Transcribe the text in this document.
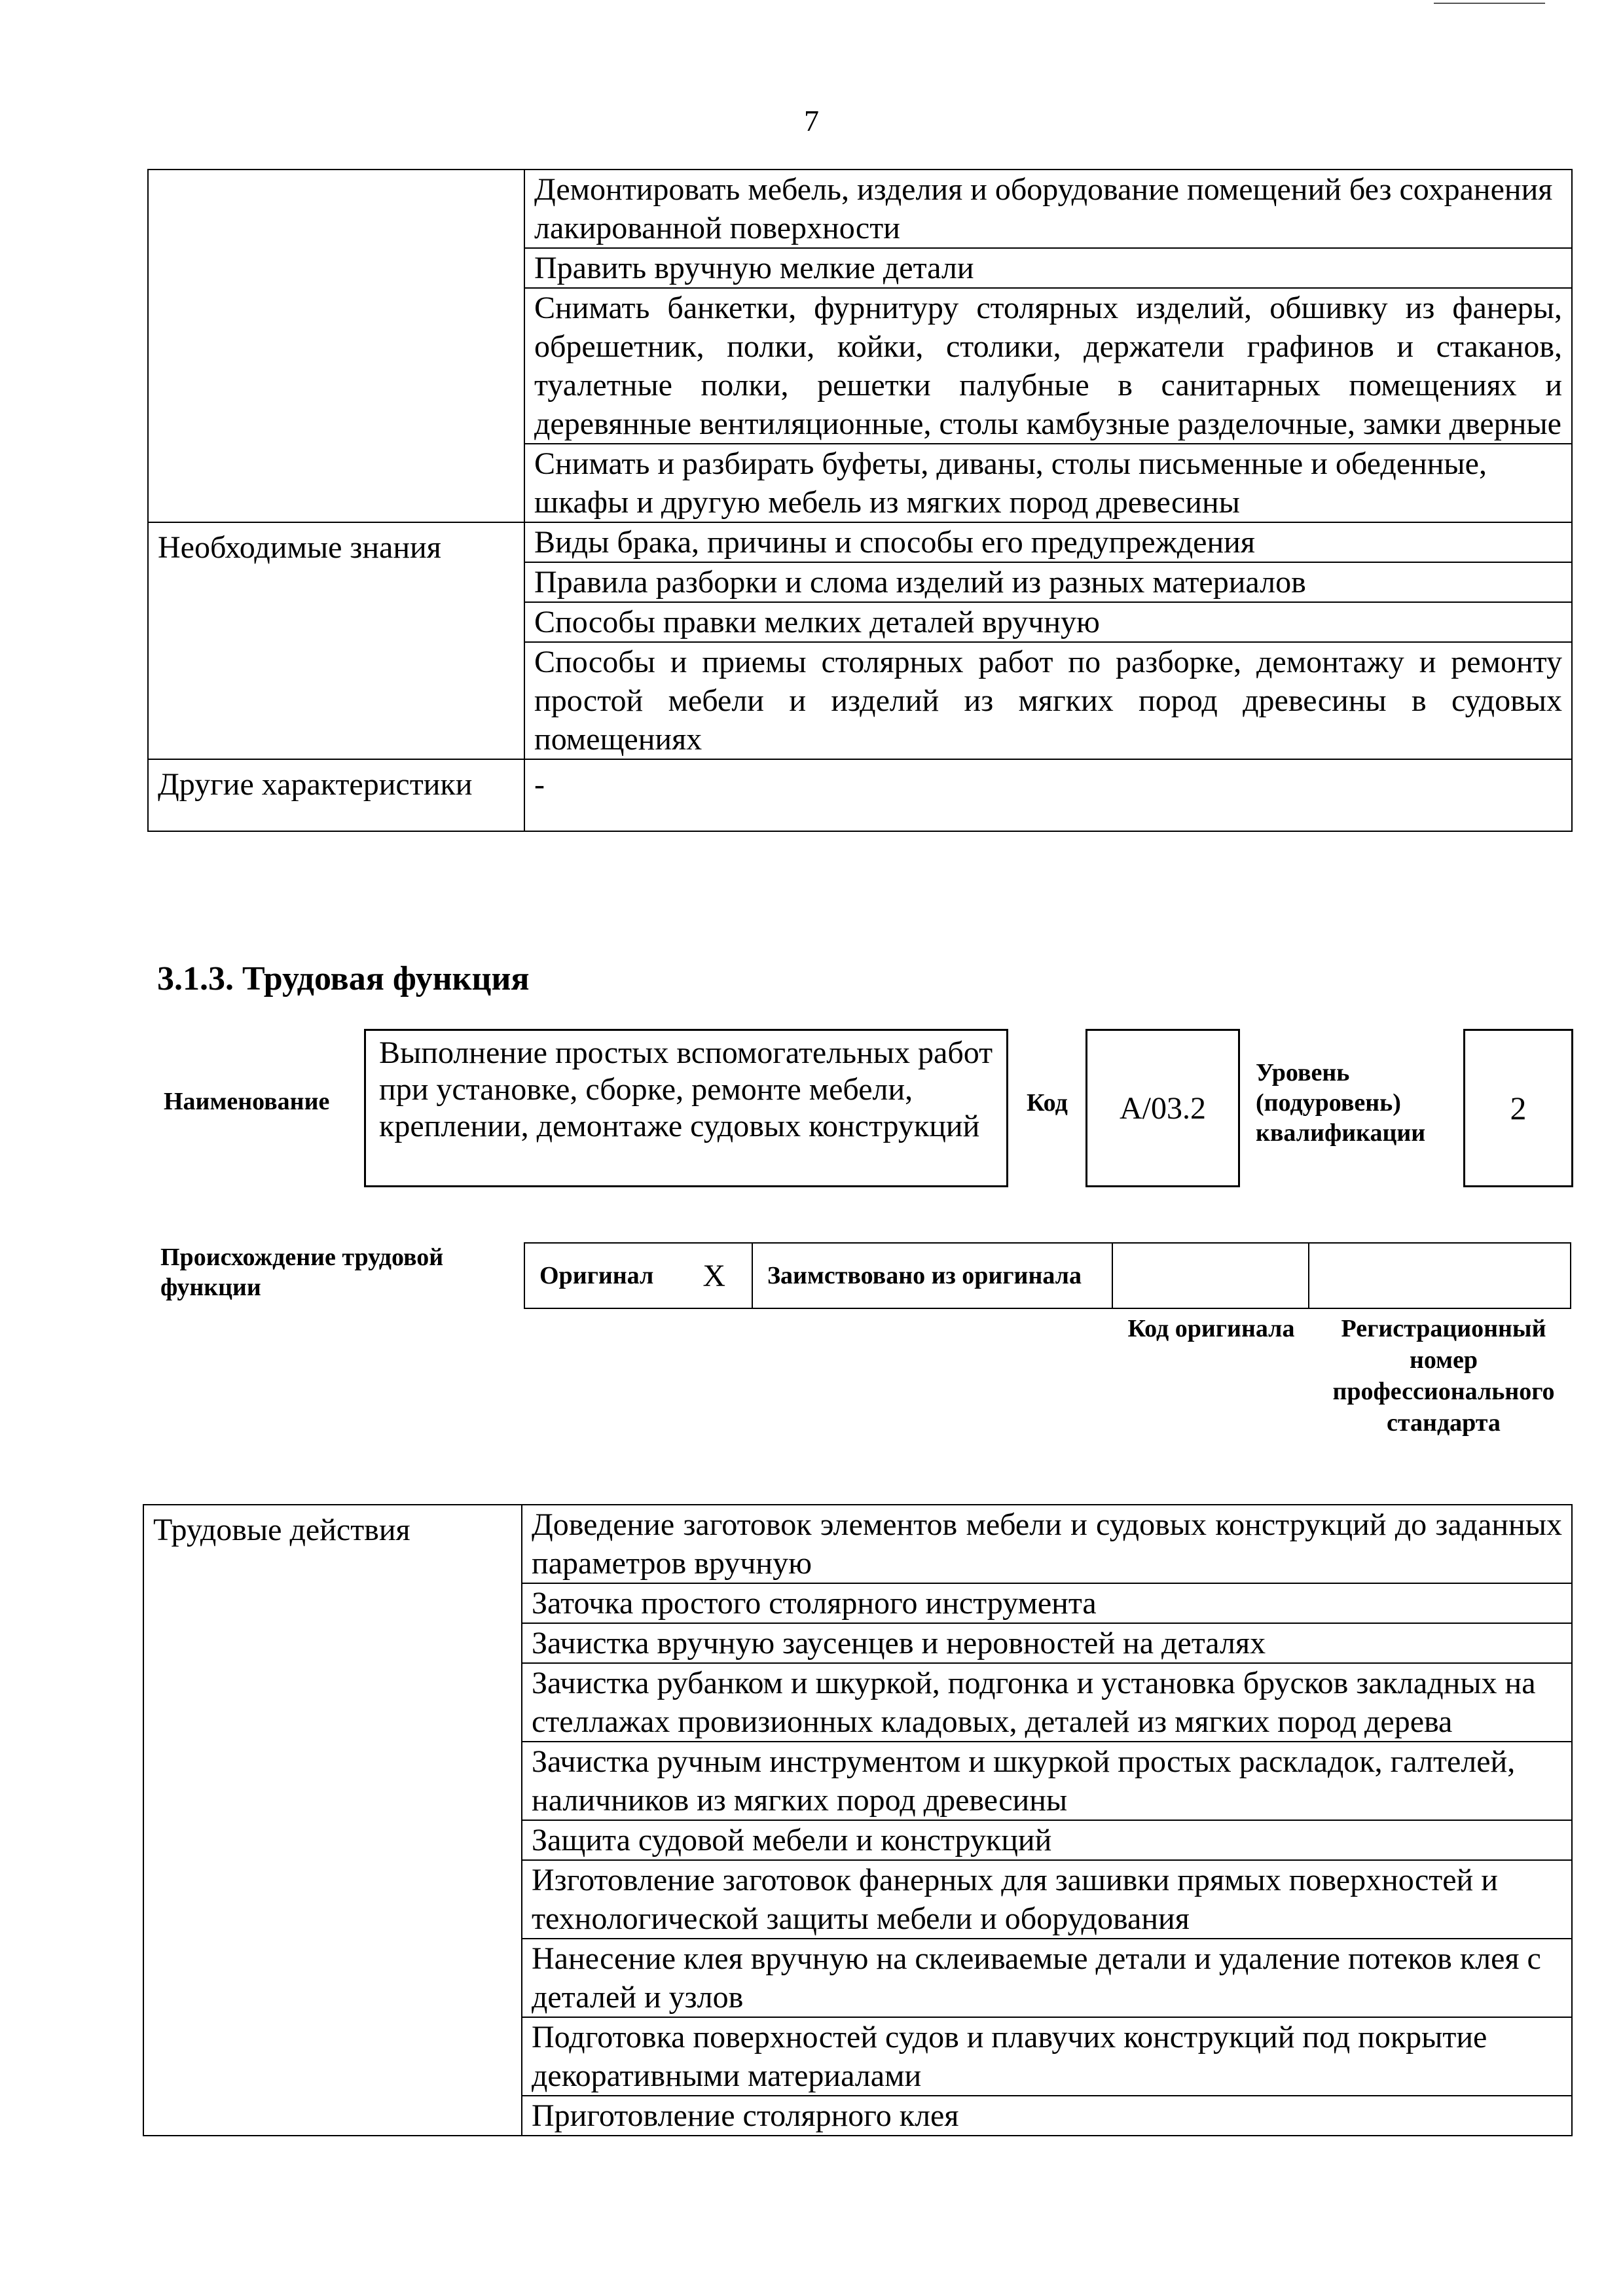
7
	Демонтировать мебель, изделия и оборудование помещений без сохранения лакированной поверхности
	Править вручную мелкие детали
	Снимать банкетки, фурнитуру столярных изделий, обшивку из фанеры, обрешетник, полки, койки, столики, держатели графинов и стаканов, туалетные полки, решетки палубные в санитарных помещениях и деревянные вентиляционные, столы камбузные разделочные, замки дверные
	Снимать и разбирать буфеты, диваны, столы письменные и обеденные, шкафы и другую мебель из мягких пород древесины
Необходимые знания	Виды брака, причины и способы его предупреждения
	Правила разборки и слома изделий из разных материалов
	Способы правки мелких деталей вручную
	Способы и приемы столярных работ по разборке, демонтажу и ремонту простой мебели и изделий из мягких пород древесины в судовых помещениях
Другие характеристики	-
3.1.3. Трудовая функция
Наименование
Выполнение простых вспомогательных работ при установке, сборке, ремонте мебели, креплении, демонтаже судовых конструкций
Код	А/03.2
Уровень (подуровень) квалификации
2
Происхождение трудовой функции	Оригинал X	Заимствовано из оригинала
Код оригинала	Регистрационный номер профессионального стандарта
Трудовые действия	Доведение заготовок элементов мебели и судовых конструкций до заданных параметров вручную
Заточка простого столярного инструмента
Зачистка вручную заусенцев и неровностей на деталях
Зачистка рубанком и шкуркой, подгонка и установка брусков закладных на стеллажах провизионных кладовых, деталей из мягких пород дерева
Зачистка ручным инструментом и шкуркой простых раскладок, галтелей, наличников из мягких пород древесины
Защита судовой мебели и конструкций
Изготовление заготовок фанерных для зашивки прямых поверхностей и технологической защиты мебели и оборудования
Нанесение клея вручную на склеиваемые детали и удаление потеков клея с деталей и узлов
Подготовка поверхностей судов и плавучих конструкций под покрытие декоративными материалами
Приготовление столярного клея
